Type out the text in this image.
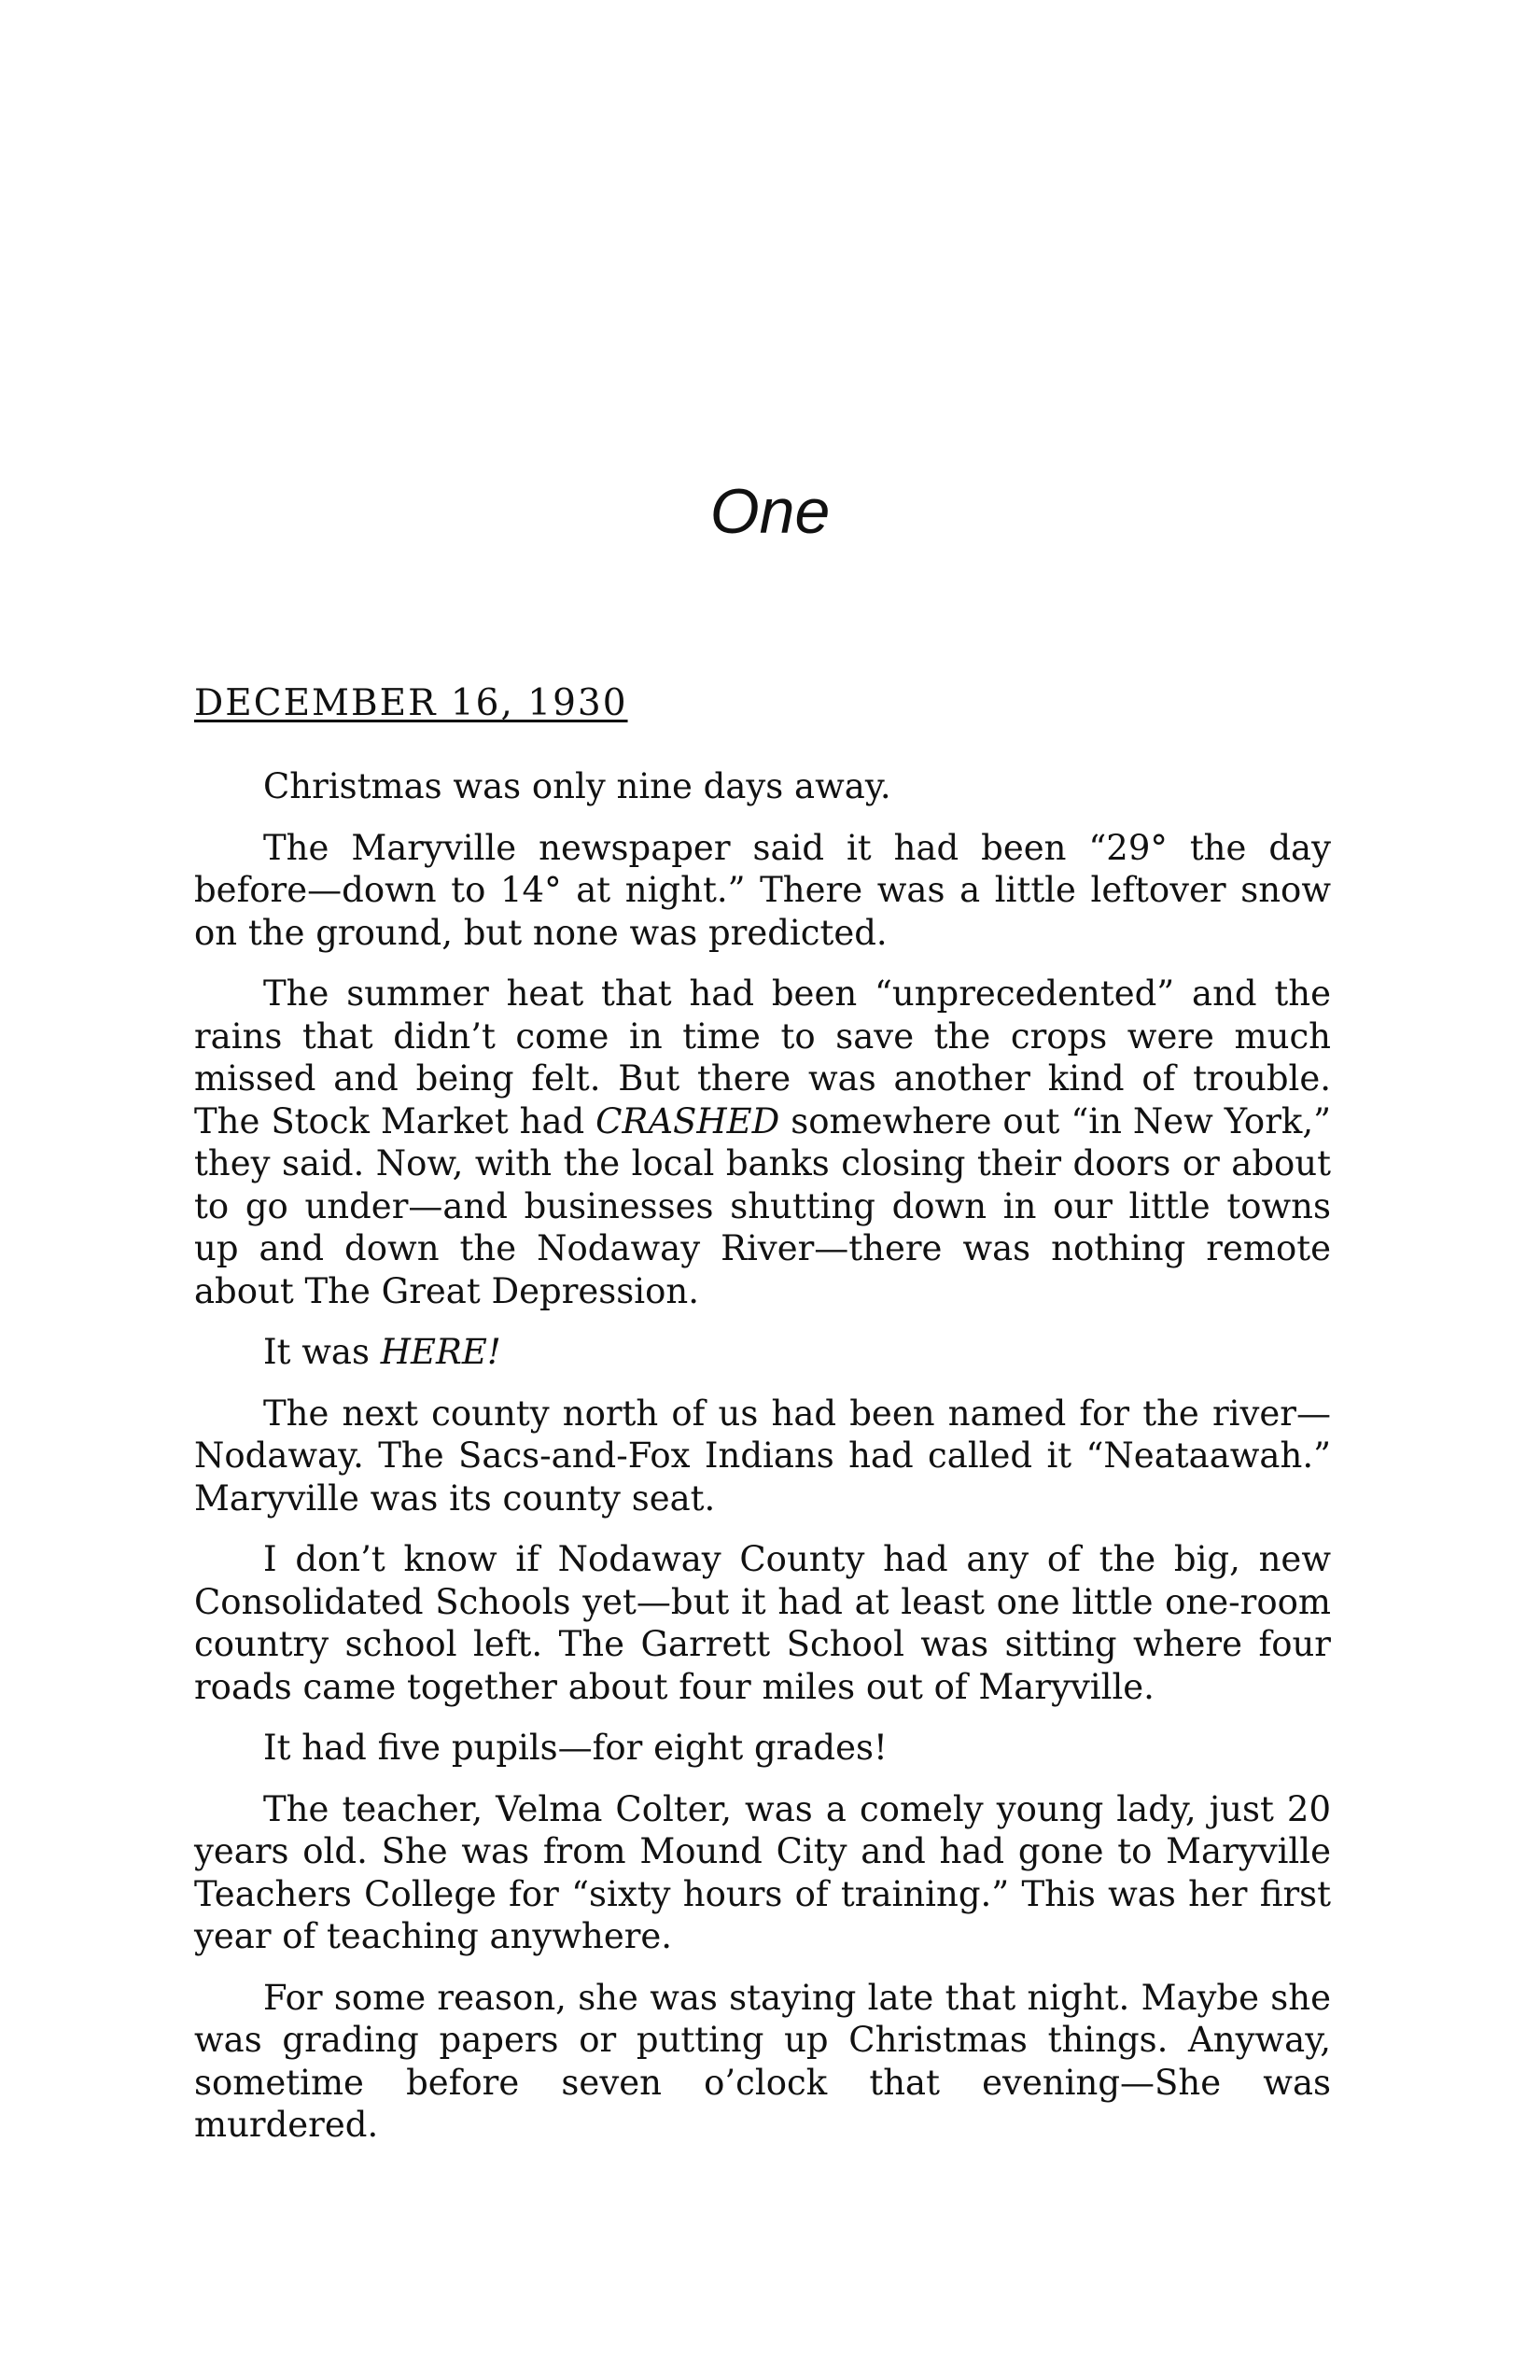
One
DECEMBER 16, 1930

Christmas was only nine days away.

The Maryville newspaper said it had been “29° the day before—down to 14° at night.” There was a little leftover snow on the ground, but none was predicted.

The summer heat that had been “unprecedented” and the rains that didn’t come in time to save the crops were much missed and being felt. But there was another kind of trouble. The Stock Market had CRASHED somewhere out “in New York,” they said. Now, with the local banks closing their doors or about to go under—and businesses shutting down in our little towns up and down the Nodaway River—there was nothing remote about The Great Depression.

It was HERE!

The next county north of us had been named for the river—Nodaway. The Sacs-and-Fox Indians had called it “Neataawah.” Maryville was its county seat.

I don’t know if Nodaway County had any of the big, new Consolidated Schools yet—but it had at least one little one-room country school left. The Garrett School was sitting where four roads came together about four miles out of Maryville.

It had five pupils—for eight grades!

The teacher, Velma Colter, was a comely young lady, just 20 years old. She was from Mound City and had gone to Maryville Teachers College for “sixty hours of training.” This was her first year of teaching anywhere.

For some reason, she was staying late that night. Maybe she was grading papers or putting up Christmas things. Anyway, sometime before seven o’clock that evening—She was murdered.
